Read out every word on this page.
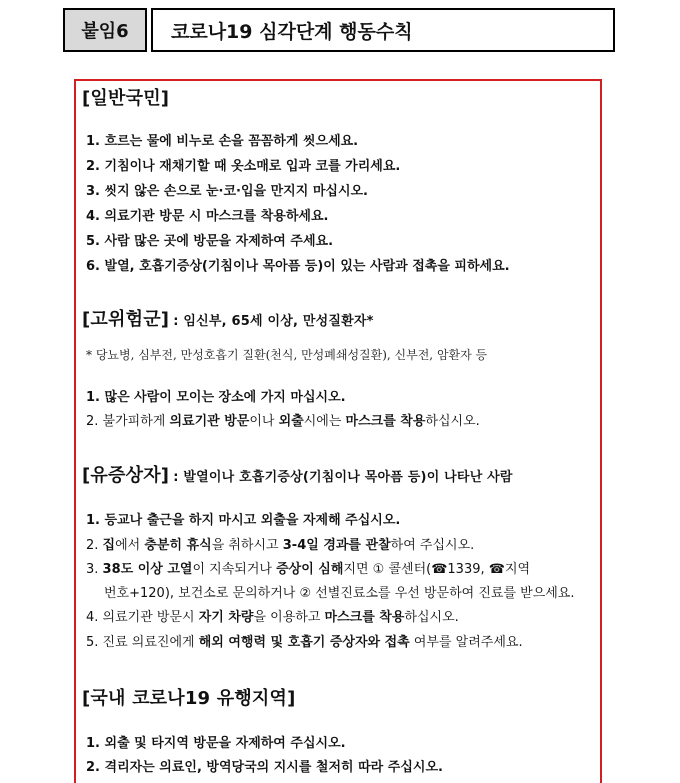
붙임6	코로나19 심각단계 행동수칙
[일반국민]
1. 흐르는 물에 비누로 손을 꼼꼼하게 씻으세요.
2. 기침이나 재채기할 때 옷소매로 입과 코를 가리세요.
3. 씻지 않은 손으로 눈·코·입을 만지지 마십시오.
4. 의료기관 방문 시 마스크를 착용하세요.
5. 사람 많은 곳에 방문을 자제하여 주세요.
6. 발열, 호흡기증상(기침이나 목아픔 등)이 있는 사람과 접촉을 피하세요.
[고위험군] : 임신부, 65세 이상, 만성질환자*
* 당뇨병, 심부전, 만성호흡기 질환(천식, 만성폐쇄성질환), 신부전, 암환자 등
1. 많은 사람이 모이는 장소에 가지 마십시오.
2. 불가피하게 의료기관 방문이나 외출시에는 마스크를 착용하십시오.
[유증상자] : 발열이나 호흡기증상(기침이나 목아픔 등)이 나타난 사람
1. 등교나 출근을 하지 마시고 외출을 자제해 주십시오.
2. 집에서 충분히 휴식을 취하시고 3-4일 경과를 관찰하여 주십시오.
3. 38도 이상 고열이 지속되거나 증상이 심해지면 ① 콜센터(☎1339, ☎지역
번호+120), 보건소로 문의하거나 ② 선별진료소를 우선 방문하여 진료를 받으세요.
4. 의료기관 방문시 자기 차량을 이용하고 마스크를 착용하십시오.
5. 진료 의료진에게 해외 여행력 및 호흡기 증상자와 접촉 여부를 알려주세요.
[국내 코로나19 유행지역]
1. 외출 및 타지역 방문을 자제하여 주십시오.
2. 격리자는 의료인, 방역당국의 지시를 철저히 따라 주십시오.
